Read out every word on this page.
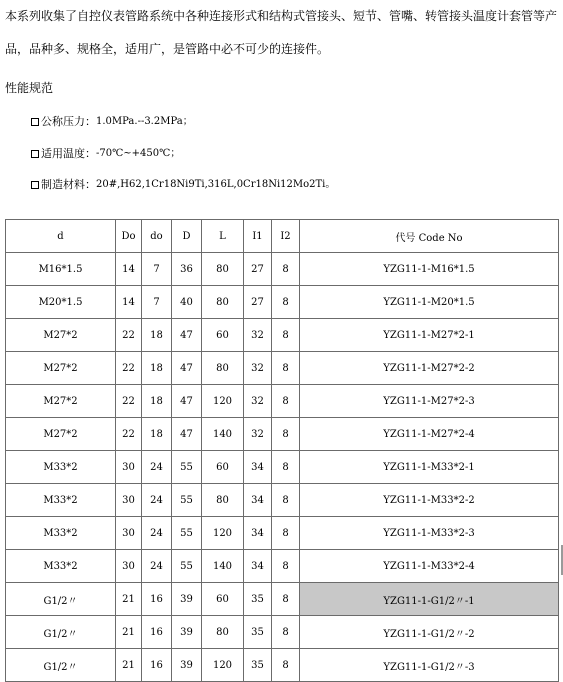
本系列收集了自控仪表管路系统中各种连接形式和结构式管接头、短节、管嘴、转管接头温度计套管等产品，品种多、规格全，适用广，是管路中必不可少的连接件。

性能规范

公称压力： 1.0MPa.--3.2MPa；
适用温度： -70℃~+450℃；
制造材料： 20#,H62,1Cr18Ni9Ti,316L,0Cr18Ni12Mo2Ti。
d	Do	do	D	L	I1	I2	代号 Code No
M16*1.5	14	7	36	80	27	8	YZG11-1-M16*1.5
M20*1.5	14	7	40	80	27	8	YZG11-1-M20*1.5
M27*2	22	18	47	60	32	8	YZG11-1-M27*2-1
M27*2	22	18	47	80	32	8	YZG11-1-M27*2-2
M27*2	22	18	47	120	32	8	YZG11-1-M27*2-3
M27*2	22	18	47	140	32	8	YZG11-1-M27*2-4
M33*2	30	24	55	60	34	8	YZG11-1-M33*2-1
M33*2	30	24	55	80	34	8	YZG11-1-M33*2-2
M33*2	30	24	55	120	34	8	YZG11-1-M33*2-3
M33*2	30	24	55	140	34	8	YZG11-1-M33*2-4
G1/2〃	21	16	39	60	35	8	YZG11-1-G1/2〃-1
G1/2〃	21	16	39	80	35	8	YZG11-1-G1/2〃-2
G1/2〃	21	16	39	120	35	8	YZG11-1-G1/2〃-3
